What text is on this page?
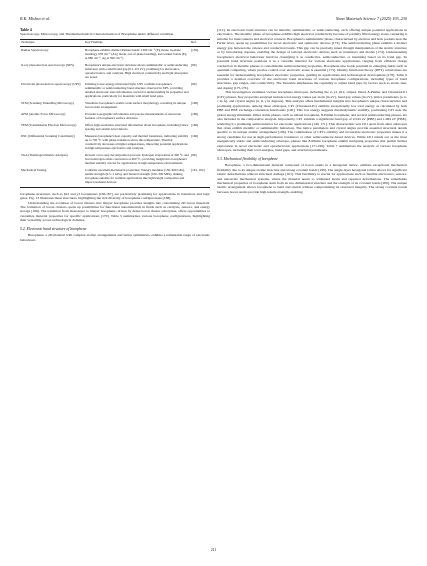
R.K. Mishra et al.	Nano Materials Science 7 (2025) 193–230
Table 4
Spectroscopy, Microscopy, and Thermomechanical Characterisation of Borophene under different condition.
Technique	Key Findings	Ref.
Raman Spectroscopy	Borophene exhibits distinct Raman bands: 1369 cm⁻¹ (Eg mode, in-plane bending), 978 cm⁻¹ (A1g mode, out-of-plane bending), and weaker bands (Eg at 680 cm⁻¹, Ag at 590 cm⁻¹)	[159]
X-ray photoelectron spectroscopy (XPS)	Borophene's unique electronic structure shows semimetallic or semiconducting behaviour with a small band gap (0.1–0.5 eV), promising for electronics, optoelectronics, and catalysis. High electrical conductivity and light absorption are noted.	[90]
Ultraviolet photoelectron spectroscopy (UPS)	Utilizing lower-energy ultraviolet light, UPS confirms borophene's semimetallic or semiconducting band structure observed in XPS, providing detailed electronic state information crucial for understanding its properties and applications, particularly for materials with small band gaps.	[90]
STM (Scanning Tunnelling Microscopy)	Visualizes borophene's atomic-scale surface morphology, revealing its unique boron atom arrangement.	[166]
AFM (Atomic Force Microscopy)	Provides topographic information and precise measurements of nanoscale features of borophene's surface structure.	[166]
TEM (Transmission Electron Microscopy)	Offers high-resolution structural information about borophene, including lattice spacing and atomic-level defects.	[166]
DSC (Differential Scanning Calorimetry)	Measures borophene's heat capacity and thermal transitions, indicating stability up to 700 °C with phase transition above this temperature. Thermal conductivity decreases at higher temperatures, impacting potential applications in high-temperature electronics and catalysis.	[166]
TGA (Thermogravimetric Analysis)	Reveals a two-step decomposition process: hydrogen evaporation at 300 °C and boron-nitrogen oxide conversion at 600 °C, providing insight into borophene's thermal stability crucial for applications in high-temperature environments.	[90]
Mechanical Testing	Confirms excellent mechanical properties: Young's modulus (150–400 GPa), tensile strength (0.5–1 GPa), and flexural strength (100–300 MPa), making borophene suitable for resilient applications like lightweight composites and impact-resistant devices.	[161, 162]

borophene structures, such as β12 and χ3 borophenes [166,167], are particularly promising for applications in transistors and logic gates. Fig. 13 illustrates these structures, highlighting the rich diversity of borophene configurations [168].

Understanding the evolution of boron clusters into bilayer borophene provides insights into customizing 2D boron materials. The formation of boron clusters opens up possibilities for functional nanomaterials in fields such as catalysis, sensors, and energy storage [169]. The transition from monolayer to bilayer borophene, driven by dense boron cluster adsorption, offers opportunities to customize material properties for specific applications [170]. Table 5 summarizes various borophene configurations, highlighting their versatility across technological domains.

5.2. Electronic band structure of borophene

Borophene, a 2D material with complex atomic arrangements and lattice symmetries, exhibits a remarkable range of electronic behaviours

[112]. Its electronic band structure can be metallic, semimetallic, or semiconducting, each offering unique potential applications in electronics. The metallic phase of borophene exhibits high electrical conductivity because of partially filled energy states, rendering it suitable for interconnects and electrical contacts. Borophene's semimetallic phase, characterised by electron and hole pockets near the Fermi level, opens up possibilities for novel electronic and spintronic devices [173]. The semiconducting phase exhibits a distinct energy gap between the valence and conduction bands. This gap can be precisely tuned through manipulation of the atomic structure or by introducing dopants, enabling the design of tailored electronic devices such as transistors and diodes [174]. Understanding borophene's electrical behaviour involves classifying it as conductive, semiconductive, or insulating based on its band gap. Its potential band structure positions it as a versatile material for various electronic applications, ranging from efficient charge conduction in metallic phases to customizable semiconducting properties. Borophene also holds potential in emerging fields such as quantum computing, where precise control over electronic states is essential [175]. Density functional theory (DFT) calculations are essential for understanding borophene's electronic properties, guiding its applications and technological development [176]. Table 6 provides a detailed overview of the electronic band structures of various borophene configurations, including types of band structures, gap ranges, and conductivity. The Tuneable emphasises the capability to adjust band gaps by factors such as strain, size, and doping [175,176].

This investigation examines various borophene allotropes, including the α, χ3, β12, striped, 6ized, 8-Pmmn, and Chartered-P1 (CP1) phases. Key properties analysed include total energy values per atom (in eV), band gap values (in eV), lattice parameters (a, b, c in Å), and crystal angles (α, β, γ in degrees). This analysis offers fundamental insights into borophene's unique characteristics and promising applications. Among these allotropes, CP1 (Chartered-P1) exhibits exceptionally low total energy as calculated by both PBE and HSE exchange-correlation functionals [140]. This low energy suggests thermodynamic stability, positioning CP1 near the global energy minimum. Other stable phases, such as α2ized borophene, 8-Pmmn borophene, and several semiconducting phases, are also included in the comparative analysis. Importantly, CP1 exhibits a significant band gap of 0.543 eV (PBE) and 1.084 eV (HSE), rendering it a promising semiconductor for electronic applications [140, 171]. This characteristic sets CP1 apart from other allotropes that often exhibit metallic or semimetallic behaviour. The lattice parameters and crystal angles provide essential structural details specific to its unique atomic arrangement [196]. The combination of CP1's stability and favourable electronic properties makes it a strong candidate for use in high-performance transistors or other semiconductor-based devices. While CP1 stands out as the most energetically stable and semiconducting allotrope, phases like 8-Pmmn borophene exhibit intriguing properties that permit further exploration in novel electronic and optoelectronic applications [171,196]. Table 7 summarises the analysis of various borophene allotropes, including their total energies, band gaps, and structural parameters.

5.3. Mechanical flexibility of borophene

Borophene, a two-dimensional material composed of boron atoms in a hexagonal lattice, exhibits exceptional mechanical flexibility due to its unique atomic structure and strong covalent bonds [199]. The single-layer hexagonal lattice allows for significant elastic deformations without structural damage [101]. This flexibility is crucial for applications such as flexible electronics, sensors, and nanoscale mechanical systems, where the material needs to withstand strain and repeated deformations. The remarkable mechanical properties of borophene stem from its two-dimensional structure and the strength of its covalent bonds [200]. The unique atomic arrangement allows borophene to bend and stretch without compromising its structural integrity. The strong covalent bonds between boron atoms provide high tensile strength, enabling

211
